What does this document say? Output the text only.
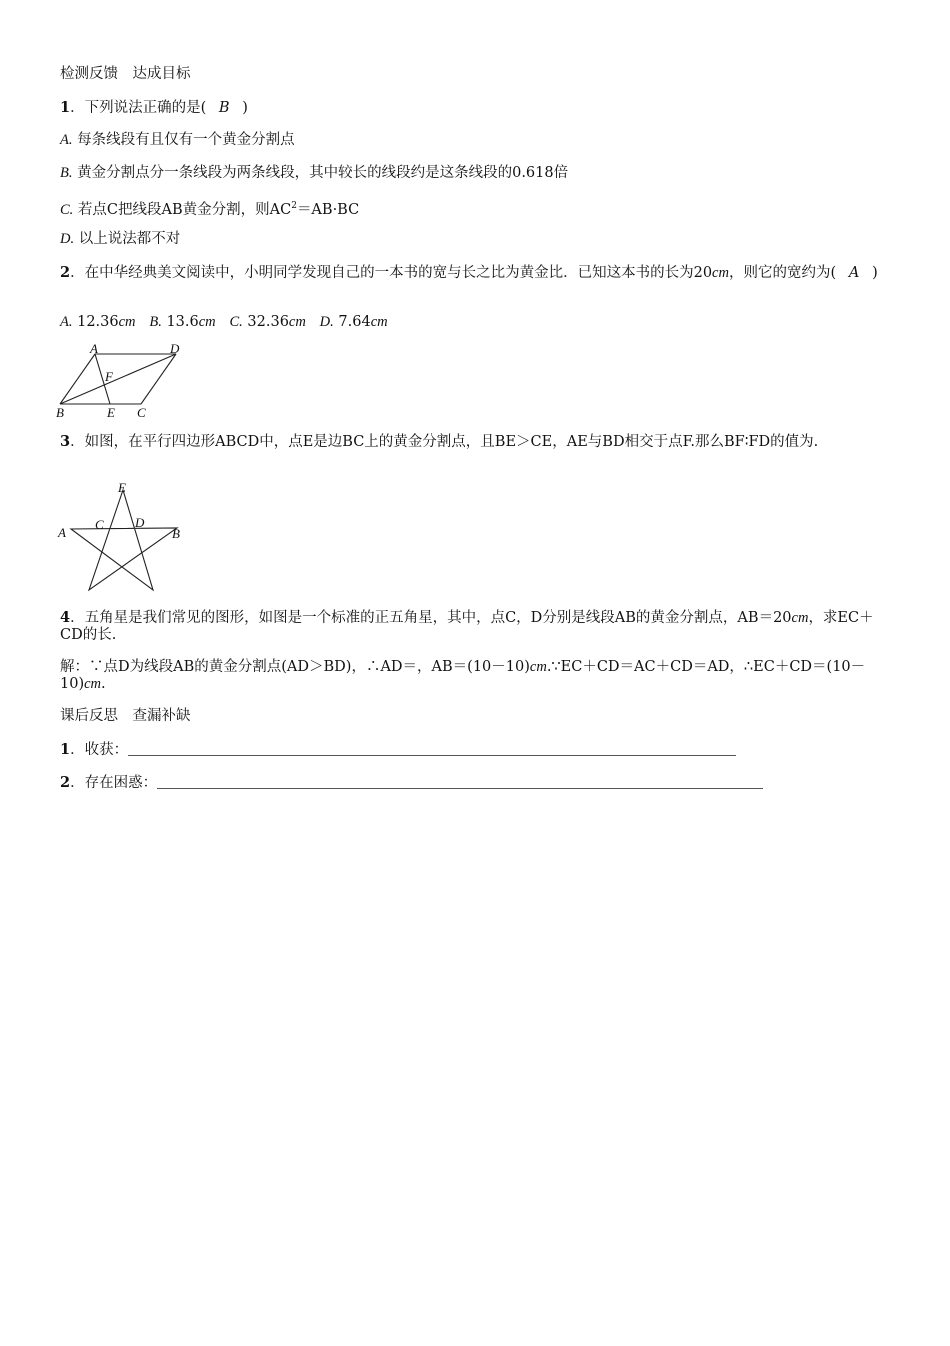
检测反馈　达成目标
1．下列说法正确的是( B )
A. 每条线段有且仅有一个黄金分割点
B. 黄金分割点分一条线段为两条线段，其中较长的线段约是这条线段的0.618倍
C. 若点C把线段AB黄金分割，则$AC^2=AB\cdot BC$
D. 以上说法都不对
2．在中华经典美文阅读中，小明同学发现自己的一本书的宽与长之比为黄金比．已知这本书的长为20cm，则它的宽约为( A )
A. 12.36cm B. 13.6cm C. 32.36cm D. 7.64cm
A	D
F
B	E C
3．如图，在平行四边形ABCD中，点E是边BC上的黄金分割点，且BE＞CE，AE与BD相交于点F.那么BF∶FD的值为.
E
C D
A	B
4．五角星是我们常见的图形，如图是一个标准的正五角星，其中，点C，D分别是线段AB的黄金分割点，AB＝20cm，求EC＋CD的长.
解：∵点D为线段AB的黄金分割点(AD＞BD)，∴AD＝，AB＝(10－10)cm.∵EC＋CD＝AC＋CD＝AD，∴EC＋CD＝(10－10)cm.
课后反思　查漏补缺
1．收获：
2．存在困惑：
